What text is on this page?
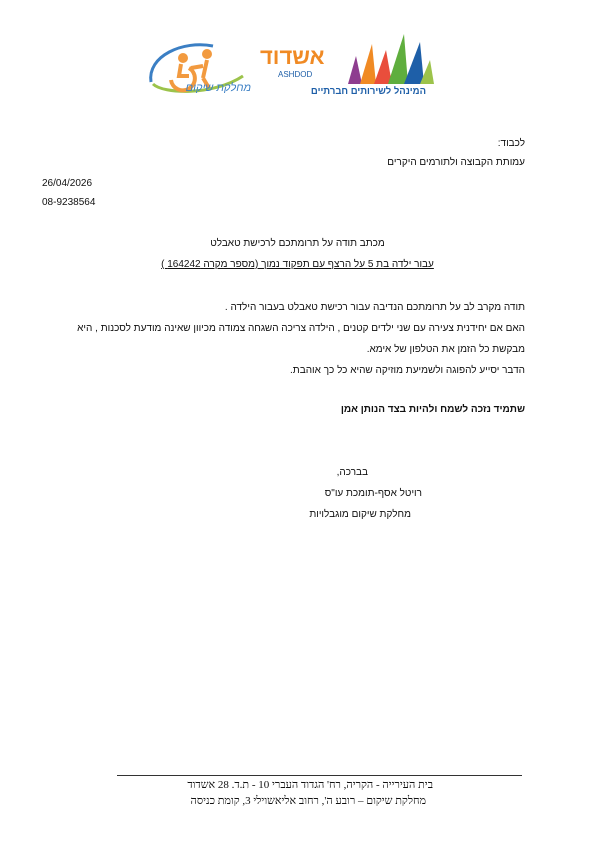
מחלקת שיקום
אשדוד
ASHDOD
המינהל לשירותים חברתיים
לכבוד:
עמותת הקבוצה ולתורמים היקרים
26/04/2026
08-9238564
מכתב תודה על תרומתכם לרכישת טאבלט
עבור ילדה בת 5 על הרצף עם תפקוד נמוך (מספר מקרה 164242 )
תודה מקרב לב על תרומתכם הנדיבה עבור רכישת טאבלט בעבור הילדה .
האם אם יחידנית צעירה עם שני ילדים קטנים , הילדה צריכה השגחה צמודה מכיוון שאינה מודעת לסכנות , היא
מבקשת כל הזמן את הטלפון של אימא.
הדבר יסייע להפוגה ולשמיעת מוזיקה שהיא כל כך אוהבת.
שתמיד נזכה לשמח ולהיות בצד הנותן אמן
בברכה,
רויטל אסף-תומכת עו"ס
מחלקת שיקום מוגבלויות
בית העירייה - הקריה, רח' הגדוד העברי 10 - ת.ד. 28 אשדוד
מחלקת שיקום – רובע ה', רחוב אליאשוילי 3, קומת כניסה
